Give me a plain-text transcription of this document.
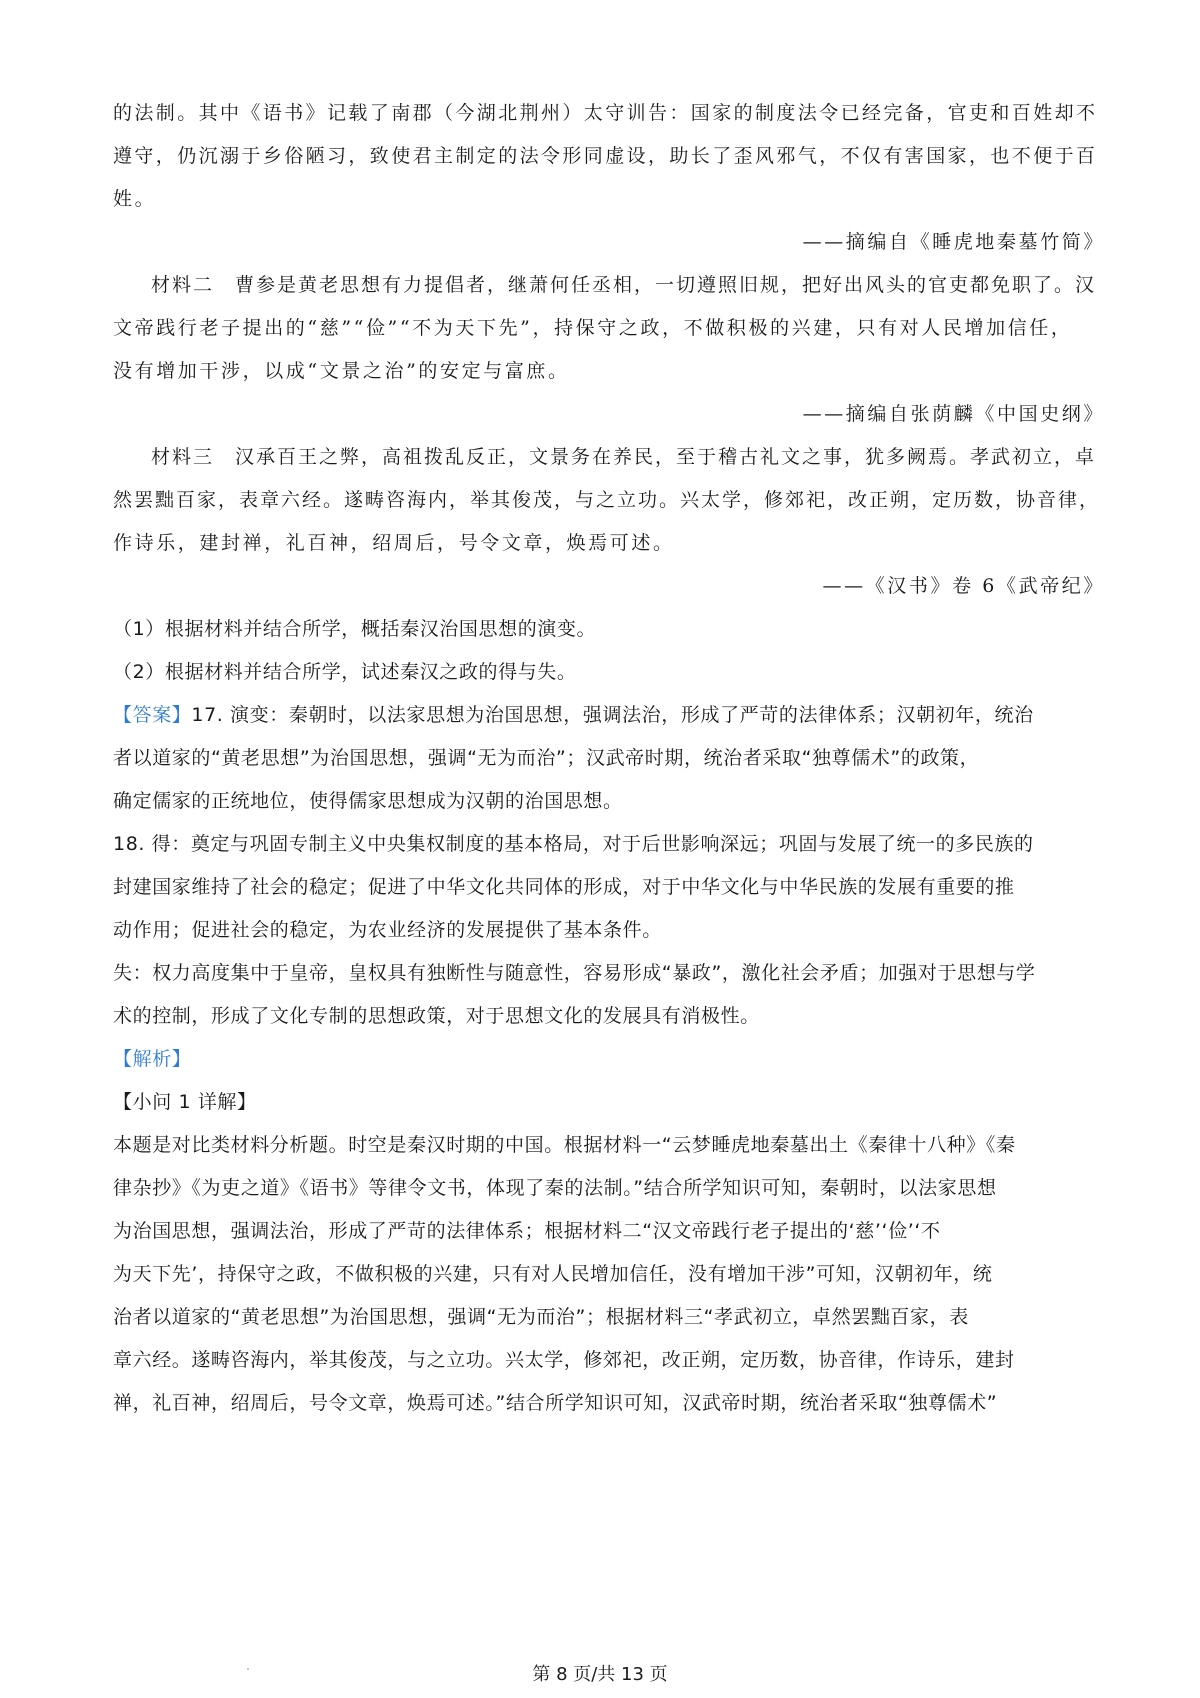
的法制。其中《语书》记载了南郡（今湖北荆州）太守训告：国家的制度法令已经完备，官吏和百姓却不
遵守，仍沉溺于乡俗陋习，致使君主制定的法令形同虚设，助长了歪风邪气，不仅有害国家，也不便于百
姓。
——摘编自《睡虎地秦墓竹简》
材料二　曹参是黄老思想有力提倡者，继萧何任丞相，一切遵照旧规，把好出风头的官吏都免职了。汉
文帝践行老子提出的“慈”“俭”“不为天下先”，持保守之政，不做积极的兴建，只有对人民增加信任，
没有增加干涉，以成“文景之治”的安定与富庶。
——摘编自张荫麟《中国史纲》
材料三　汉承百王之弊，高祖拨乱反正，文景务在养民，至于稽古礼文之事，犹多阙焉。孝武初立，卓
然罢黜百家，表章六经。遂畴咨海内，举其俊茂，与之立功。兴太学，修郊祀，改正朔，定历数，协音律，
作诗乐，建封禅，礼百神，绍周后，号令文章，焕焉可述。
——《汉书》卷 6《武帝纪》
（1）根据材料并结合所学，概括秦汉治国思想的演变。
（2）根据材料并结合所学，试述秦汉之政的得与失。
【答案】17. 演变：秦朝时，以法家思想为治国思想，强调法治，形成了严苛的法律体系；汉朝初年，统治
者以道家的“黄老思想”为治国思想，强调“无为而治”；汉武帝时期，统治者采取“独尊儒术”的政策，
确定儒家的正统地位，使得儒家思想成为汉朝的治国思想。
18. 得：奠定与巩固专制主义中央集权制度的基本格局，对于后世影响深远；巩固与发展了统一的多民族的
封建国家维持了社会的稳定；促进了中华文化共同体的形成，对于中华文化与中华民族的发展有重要的推
动作用；促进社会的稳定，为农业经济的发展提供了基本条件。
失：权力高度集中于皇帝，皇权具有独断性与随意性，容易形成“暴政”，激化社会矛盾；加强对于思想与学
术的控制，形成了文化专制的思想政策，对于思想文化的发展具有消极性。
【解析】
【小问 1 详解】
本题是对比类材料分析题。时空是秦汉时期的中国。根据材料一“云梦睡虎地秦墓出土《秦律十八种》《秦
律杂抄》《为吏之道》《语书》等律令文书，体现了秦的法制。”结合所学知识可知，秦朝时，以法家思想
为治国思想，强调法治，形成了严苛的法律体系；根据材料二“汉文帝践行老子提出的‘慈’‘俭’‘不
为天下先’，持保守之政，不做积极的兴建，只有对人民增加信任，没有增加干涉”可知，汉朝初年，统
治者以道家的“黄老思想”为治国思想，强调“无为而治”；根据材料三“孝武初立，卓然罢黜百家，表
章六经。遂畴咨海内，举其俊茂，与之立功。兴太学，修郊祀，改正朔，定历数，协音律，作诗乐，建封
禅，礼百神，绍周后，号令文章，焕焉可述。”结合所学知识可知，汉武帝时期，统治者采取“独尊儒术”
第 8 页/共 13 页
